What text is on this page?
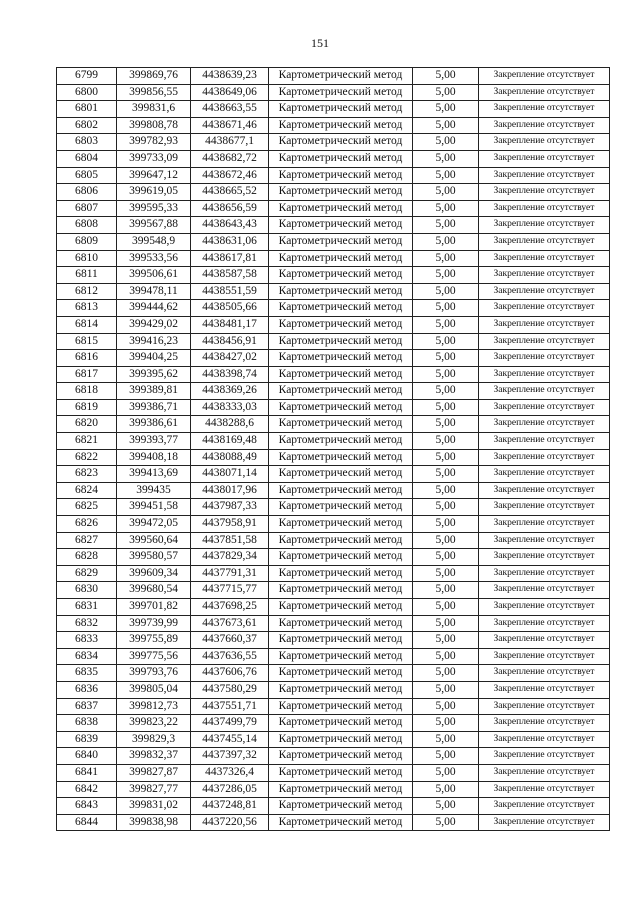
151
6799	399869,76	4438639,23	Картометрический метод	5,00	Закрепление отсутствует
6800	399856,55	4438649,06	Картометрический метод	5,00	Закрепление отсутствует
6801	399831,6	4438663,55	Картометрический метод	5,00	Закрепление отсутствует
6802	399808,78	4438671,46	Картометрический метод	5,00	Закрепление отсутствует
6803	399782,93	4438677,1	Картометрический метод	5,00	Закрепление отсутствует
6804	399733,09	4438682,72	Картометрический метод	5,00	Закрепление отсутствует
6805	399647,12	4438672,46	Картометрический метод	5,00	Закрепление отсутствует
6806	399619,05	4438665,52	Картометрический метод	5,00	Закрепление отсутствует
6807	399595,33	4438656,59	Картометрический метод	5,00	Закрепление отсутствует
6808	399567,88	4438643,43	Картометрический метод	5,00	Закрепление отсутствует
6809	399548,9	4438631,06	Картометрический метод	5,00	Закрепление отсутствует
6810	399533,56	4438617,81	Картометрический метод	5,00	Закрепление отсутствует
6811	399506,61	4438587,58	Картометрический метод	5,00	Закрепление отсутствует
6812	399478,11	4438551,59	Картометрический метод	5,00	Закрепление отсутствует
6813	399444,62	4438505,66	Картометрический метод	5,00	Закрепление отсутствует
6814	399429,02	4438481,17	Картометрический метод	5,00	Закрепление отсутствует
6815	399416,23	4438456,91	Картометрический метод	5,00	Закрепление отсутствует
6816	399404,25	4438427,02	Картометрический метод	5,00	Закрепление отсутствует
6817	399395,62	4438398,74	Картометрический метод	5,00	Закрепление отсутствует
6818	399389,81	4438369,26	Картометрический метод	5,00	Закрепление отсутствует
6819	399386,71	4438333,03	Картометрический метод	5,00	Закрепление отсутствует
6820	399386,61	4438288,6	Картометрический метод	5,00	Закрепление отсутствует
6821	399393,77	4438169,48	Картометрический метод	5,00	Закрепление отсутствует
6822	399408,18	4438088,49	Картометрический метод	5,00	Закрепление отсутствует
6823	399413,69	4438071,14	Картометрический метод	5,00	Закрепление отсутствует
6824	399435	4438017,96	Картометрический метод	5,00	Закрепление отсутствует
6825	399451,58	4437987,33	Картометрический метод	5,00	Закрепление отсутствует
6826	399472,05	4437958,91	Картометрический метод	5,00	Закрепление отсутствует
6827	399560,64	4437851,58	Картометрический метод	5,00	Закрепление отсутствует
6828	399580,57	4437829,34	Картометрический метод	5,00	Закрепление отсутствует
6829	399609,34	4437791,31	Картометрический метод	5,00	Закрепление отсутствует
6830	399680,54	4437715,77	Картометрический метод	5,00	Закрепление отсутствует
6831	399701,82	4437698,25	Картометрический метод	5,00	Закрепление отсутствует
6832	399739,99	4437673,61	Картометрический метод	5,00	Закрепление отсутствует
6833	399755,89	4437660,37	Картометрический метод	5,00	Закрепление отсутствует
6834	399775,56	4437636,55	Картометрический метод	5,00	Закрепление отсутствует
6835	399793,76	4437606,76	Картометрический метод	5,00	Закрепление отсутствует
6836	399805,04	4437580,29	Картометрический метод	5,00	Закрепление отсутствует
6837	399812,73	4437551,71	Картометрический метод	5,00	Закрепление отсутствует
6838	399823,22	4437499,79	Картометрический метод	5,00	Закрепление отсутствует
6839	399829,3	4437455,14	Картометрический метод	5,00	Закрепление отсутствует
6840	399832,37	4437397,32	Картометрический метод	5,00	Закрепление отсутствует
6841	399827,87	4437326,4	Картометрический метод	5,00	Закрепление отсутствует
6842	399827,77	4437286,05	Картометрический метод	5,00	Закрепление отсутствует
6843	399831,02	4437248,81	Картометрический метод	5,00	Закрепление отсутствует
6844	399838,98	4437220,56	Картометрический метод	5,00	Закрепление отсутствует
